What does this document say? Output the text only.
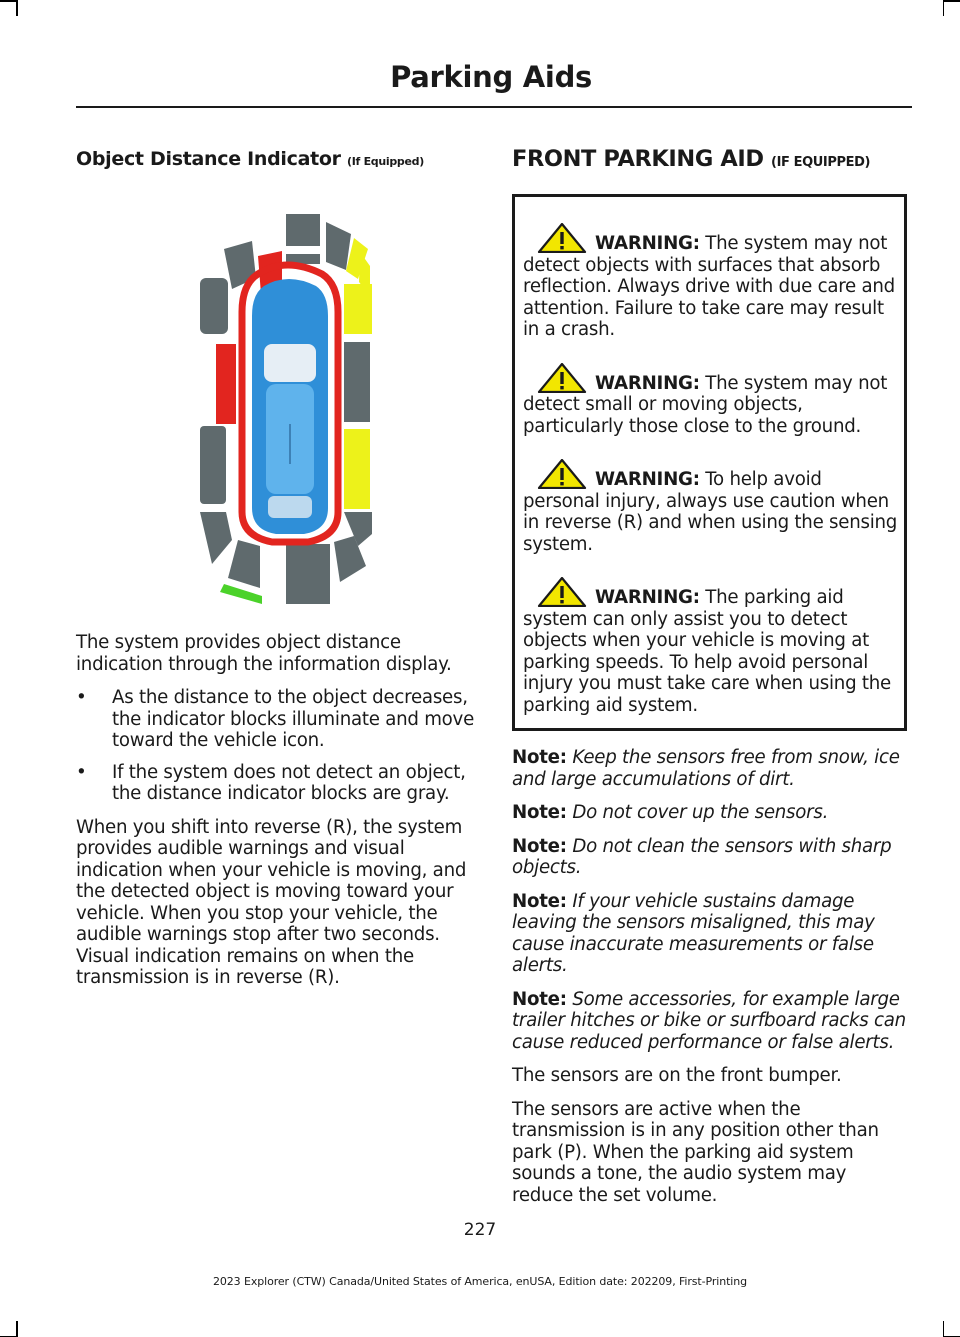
Parking Aids
Object Distance Indicator (If Equipped)

The system provides object distance indication through the information display.

• As the distance to the object decreases, the indicator blocks illuminate and move toward the vehicle icon.
• If the system does not detect an object, the distance indicator blocks are gray.

When you shift into reverse (R), the system provides audible warnings and visual indication when your vehicle is moving, and the detected object is moving toward your vehicle. When you stop your vehicle, the audible warnings stop after two seconds. Visual indication remains on when the transmission is in reverse (R).

FRONT PARKING AID (IF EQUIPPED)
WARNING: The system may not detect objects with surfaces that absorb reflection. Always drive with due care and attention. Failure to take care may result in a crash.
WARNING: The system may not detect small or moving objects, particularly those close to the ground.
WARNING: To help avoid personal injury, always use caution when in reverse (R) and when using the sensing system.
WARNING: The parking aid system can only assist you to detect objects when your vehicle is moving at parking speeds. To help avoid personal injury you must take care when using the parking aid system.

Note: Keep the sensors free from snow, ice and large accumulations of dirt.

Note: Do not cover up the sensors.

Note: Do not clean the sensors with sharp objects.

Note: If your vehicle sustains damage leaving the sensors misaligned, this may cause inaccurate measurements or false alerts.

Note: Some accessories, for example large trailer hitches or bike or surfboard racks can cause reduced performance or false alerts.

The sensors are on the front bumper.

The sensors are active when the transmission is in any position other than park (P). When the parking aid system sounds a tone, the audio system may reduce the set volume.

227
2023 Explorer (CTW) Canada/United States of America, enUSA, Edition date: 202209, First-Printing
